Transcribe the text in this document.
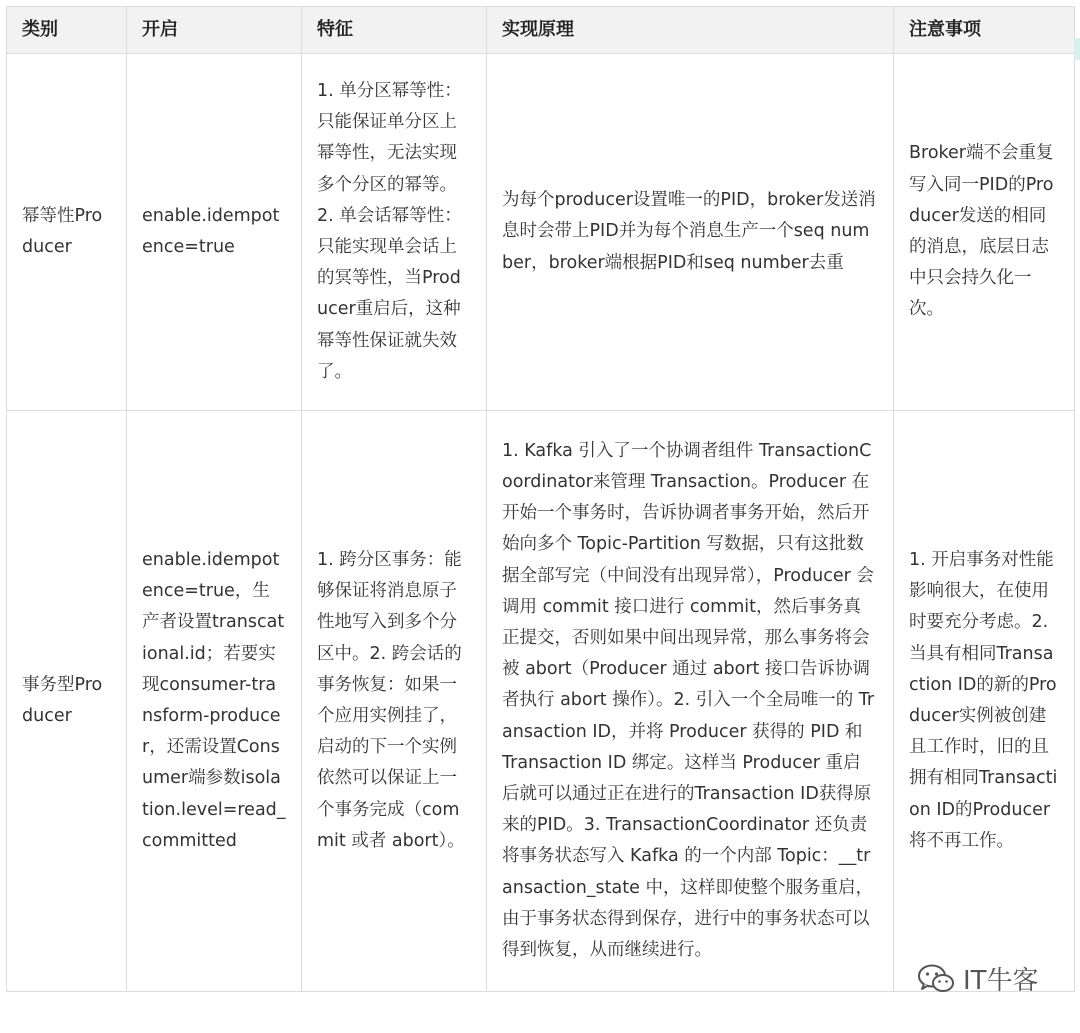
类别	开启	特征	实现原理	注意事项

幂等性Producer	enable.idempotence=true	1. 单分区幂等性：只能保证单分区上幂等性，无法实现多个分区的幂等。 2. 单会话幂等性：只能实现单会话上的冥等性，当Producer重启后，这种幂等性保证就失效了。	为每个producer设置唯一的PID，broker发送消息时会带上PID并为每个消息生产一个seq number，broker端根据PID和seq number去重	Broker端不会重复写入同一PID的Producer发送的相同的消息，底层日志中只会持久化一次。

事务型Producer	enable.idempotence=true，生产者设置transcational.id；若要实现consumer-transform-producer，还需设置Consumer端参数isolation.level=read_committed	1. 跨分区事务：能够保证将消息原子性地写入到多个分区中。2. 跨会话的事务恢复：如果一个应用实例挂了，启动的下一个实例依然可以保证上一个事务完成（commit 或者 abort）。	1. Kafka 引入了一个协调者组件 TransactionCoordinator来管理 Transaction。Producer 在开始一个事务时，告诉协调者事务开始，然后开始向多个 Topic-Partition 写数据，只有这批数据全部写完（中间没有出现异常），Producer 会调用 commit 接口进行 commit，然后事务真正提交，否则如果中间出现异常，那么事务将会被 abort（Producer 通过 abort 接口告诉协调者执行 abort 操作）。2. 引入一个全局唯一的 Transaction ID，并将 Producer 获得的 PID 和 Transaction ID 绑定。这样当 Producer 重启后就可以通过正在进行的Transaction ID获得原来的PID。3. TransactionCoordinator 还负责将事务状态写入 Kafka 的一个内部 Topic：__transaction_state 中，这样即使整个服务重启，由于事务状态得到保存，进行中的事务状态可以得到恢复，从而继续进行。	1. 开启事务对性能影响很大，在使用时要充分考虑。2. 当具有相同Transaction ID的新的Producer实例被创建且工作时，旧的且拥有相同Transaction ID的Producer将不再工作。
IT牛客
